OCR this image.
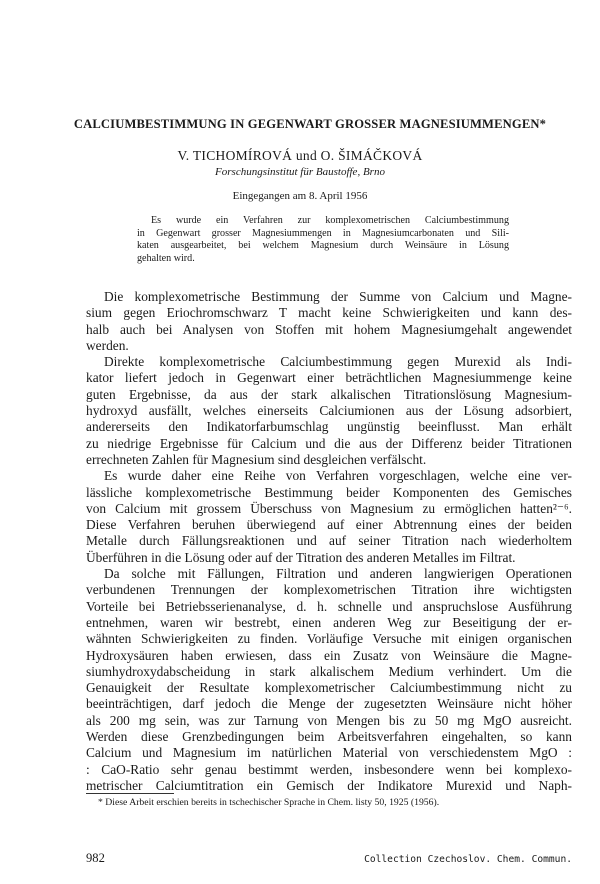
CALCIUMBESTIMMUNG IN GEGENWART GROSSER MAGNESIUMMENGEN*
V. TICHOMÍROVÁ und O. ŠIMÁČKOVÁ
Forschungsinstitut für Baustoffe, Brno
Eingegangen am 8. April 1956
Es wurde ein Verfahren zur komplexometrischen Calciumbestimmung
in Gegenwart grosser Magnesiummengen in Magnesiumcarbonaten und Sili-
katen ausgearbeitet, bei welchem Magnesium durch Weinsäure in Lösung
gehalten wird.
Die komplexometrische Bestimmung der Summe von Calcium und Magne-
sium gegen Eriochromschwarz T macht keine Schwierigkeiten und kann des-
halb auch bei Analysen von Stoffen mit hohem Magnesiumgehalt angewendet
werden.
Direkte komplexometrische Calciumbestimmung gegen Murexid als Indi-
kator liefert jedoch in Gegenwart einer beträchtlichen Magnesiummenge keine
guten Ergebnisse, da aus der stark alkalischen Titrationslösung Magnesium-
hydroxyd ausfällt, welches einerseits Calciumionen aus der Lösung adsorbiert,
andererseits den Indikatorfarbumschlag ungünstig beeinflusst. Man erhält
zu niedrige Ergebnisse für Calcium und die aus der Differenz beider Titrationen
errechneten Zahlen für Magnesium sind desgleichen verfälscht.
Es wurde daher eine Reihe von Verfahren vorgeschlagen, welche eine ver-
lässliche komplexometrische Bestimmung beider Komponenten des Gemisches
von Calcium mit grossem Überschuss von Magnesium zu ermöglichen hatten²⁻⁶.
Diese Verfahren beruhen überwiegend auf einer Abtrennung eines der beiden
Metalle durch Fällungsreaktionen und auf seiner Titration nach wiederholtem
Überführen in die Lösung oder auf der Titration des anderen Metalles im Filtrat.
Da solche mit Fällungen, Filtration und anderen langwierigen Operationen
verbundenen Trennungen der komplexometrischen Titration ihre wichtigsten
Vorteile bei Betriebsserienanalyse, d. h. schnelle und anspruchslose Ausführung
entnehmen, waren wir bestrebt, einen anderen Weg zur Beseitigung der er-
wähnten Schwierigkeiten zu finden. Vorläufige Versuche mit einigen organischen
Hydroxysäuren haben erwiesen, dass ein Zusatz von Weinsäure die Magne-
siumhydroxydabscheidung in stark alkalischem Medium verhindert. Um die
Genauigkeit der Resultate komplexometrischer Calciumbestimmung nicht zu
beeinträchtigen, darf jedoch die Menge der zugesetzten Weinsäure nicht höher
als 200 mg sein, was zur Tarnung von Mengen bis zu 50 mg MgO ausreicht.
Werden diese Grenzbedingungen beim Arbeitsverfahren eingehalten, so kann
Calcium und Magnesium im natürlichen Material von verschiedenstem MgO :
: CaO-Ratio sehr genau bestimmt werden, insbesondere wenn bei komplexo-
metrischer Calciumtitration ein Gemisch der Indikatore Murexid und Naph-
* Diese Arbeit erschien bereits in tschechischer Sprache in Chem. listy 50, 1925 (1956).
982	Collection Czechoslov. Chem. Commun.
